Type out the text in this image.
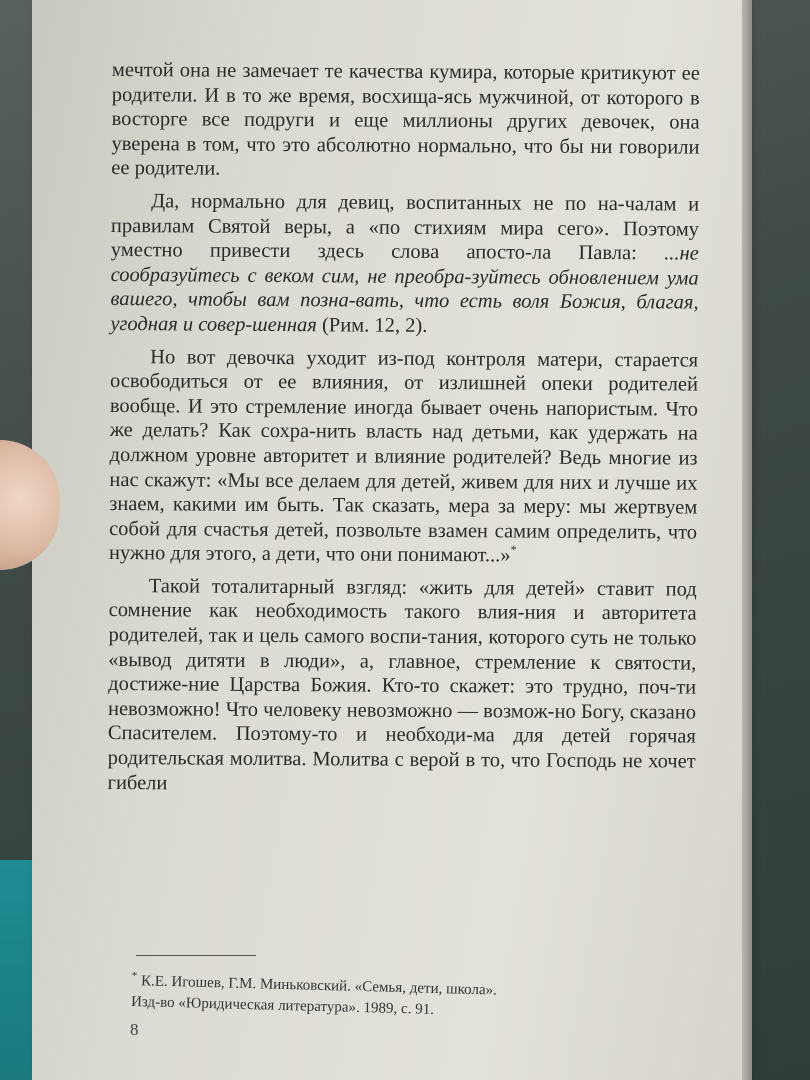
мечтой она не замечает те качества кумира, которые критикуют ее родители. И в то же время, восхища-ясь мужчиной, от которого в восторге все подруги и еще миллионы других девочек, она уверена в том, что это абсолютно нормально, что бы ни говорили ее родители.

Да, нормально для девиц, воспитанных не по на-чалам и правилам Святой веры, а «по стихиям мира сего». Поэтому уместно привести здесь слова апосто-ла Павла: ...не сообразуйтесь с веком сим, не преобра-зуйтесь обновлением ума вашего, чтобы вам позна-вать, что есть воля Божия, благая, угодная и совер-шенная (Рим. 12, 2).

Но вот девочка уходит из-под контроля матери, старается освободиться от ее влияния, от излишней опеки родителей вообще. И это стремление иногда бывает очень напористым. Что же делать? Как сохра-нить власть над детьми, как удержать на должном уровне авторитет и влияние родителей? Ведь многие из нас скажут: «Мы все делаем для детей, живем для них и лучше их знаем, какими им быть. Так сказать, мера за меру: мы жертвуем собой для счастья детей, позвольте взамен самим определить, что нужно для этого, а дети, что они понимают...»*

Такой тоталитарный взгляд: «жить для детей» ставит под сомнение как необходимость такого влия-ния и авторитета родителей, так и цель самого воспи-тания, которого суть не только «вывод дитяти в люди», а, главное, стремление к святости, достиже-ние Царства Божия. Кто-то скажет: это трудно, поч-ти невозможно! Что человеку невозможно — возмож-но Богу, сказано Спасителем. Поэтому-то и необходи-ма для детей горячая родительская молитва. Молитва с верой в то, что Господь не хочет гибели

* К.Е. Игошев, Г.М. Миньковский. «Семья, дети, школа».
Изд-во «Юридическая литература». 1989, с. 91.
8
